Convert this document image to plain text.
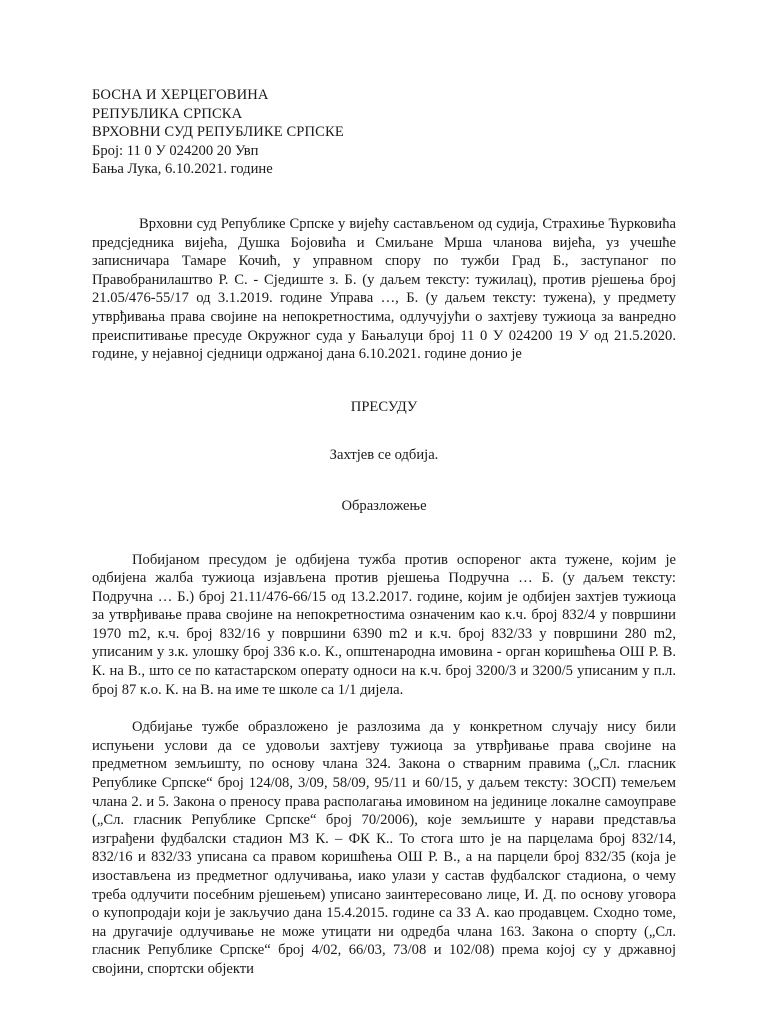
БОСНА И ХЕРЦЕГОВИНА
РЕПУБЛИКА СРПСКА
ВРХОВНИ СУД РЕПУБЛИКЕ СРПСКЕ
Број: 11 0 У 024200 20 Увп
Бања Лука, 6.10.2021. године

Врховни суд Републике Српске у вијећу састављеном од судија, Страхиње Ћурковића предсједника вијећа, Душка Бојовића и Смиљане Мрша чланова вијећа, уз учешће записничара Тамаре Кочић, у управном спору по тужби Град Б., заступаног по Правобранилаштво Р. С. - Сједиште з. Б. (у даљем тексту: тужилац), против рјешења број 21.05/476-55/17 од 3.1.2019. године Управа …, Б. (у даљем тексту: тужена), у предмету утврђивања права својине на непокретностима, одлучујући о захтјеву тужиоца за ванредно преиспитивање пресуде Окружног суда у Бањалуци број 11 0 У 024200 19 У од 21.5.2020. године, у нејавној сједници одржаној дана 6.10.2021. године донио је

ПРЕСУДУ
Захтјев се одбија.
Образложење

Побијаном пресудом је одбијена тужба против оспореног акта тужене, којим је одбијена жалба тужиоца изјављена против рјешења Подручна … Б. (у даљем тексту: Подручна … Б.) број 21.11/476-66/15 од 13.2.2017. године, којим је одбијен захтјев тужиоца за утврђивање права својине на непокретностима означеним као к.ч. број 832/4 у површини 1970 m2, к.ч. број 832/16 у површини 6390 m2 и к.ч. број 832/33 у површини 280 m2, уписаним у з.к. улошку број 336 к.о. К., општенародна имовина - орган коришћења ОШ Р. В. К. на В., што се по катастарском операту односи на к.ч. број 3200/3 и 3200/5 уписаним у п.л. број 87 к.о. К. на В. на име те школе са 1/1 дијела.

Одбијање тужбе образложено је разлозима да у конкретном случају нису били испуњени услови да се удовољи захтјеву тужиоца за утврђивање права својине на предметном земљишту, по основу члана 324. Закона о стварним правима („Сл. гласник Републике Српске“ број 124/08, 3/09, 58/09, 95/11 и 60/15, у даљем тексту: ЗОСП) темељем члана 2. и 5. Закона о преносу права располагања имовином на јединице локалне самоуправе („Сл. гласник Републике Српске“ број 70/2006), које земљиште у нарави представља изграђени фудбалски стадион МЗ К. – ФК К.. То стога што је на парцелама број 832/14, 832/16 и 832/33 уписана са правом коришћења ОШ Р. В., а на парцели број 832/35 (која је изостављена из предметног одлучивања, иако улази у састав фудбалског стадиона, о чему треба одлучити посебним рјешењем) уписано заинтересовано лице, И. Д. по основу уговора о купопродаји који је закључио дана 15.4.2015. године са ЗЗ А. као продавцем. Сходно томе, на другачије одлучивање не може утицати ни одредба члана 163. Закона о спорту („Сл. гласник Републике Српске“ број 4/02, 66/03, 73/08 и 102/08) према којој су у државној својини, спортски објекти
